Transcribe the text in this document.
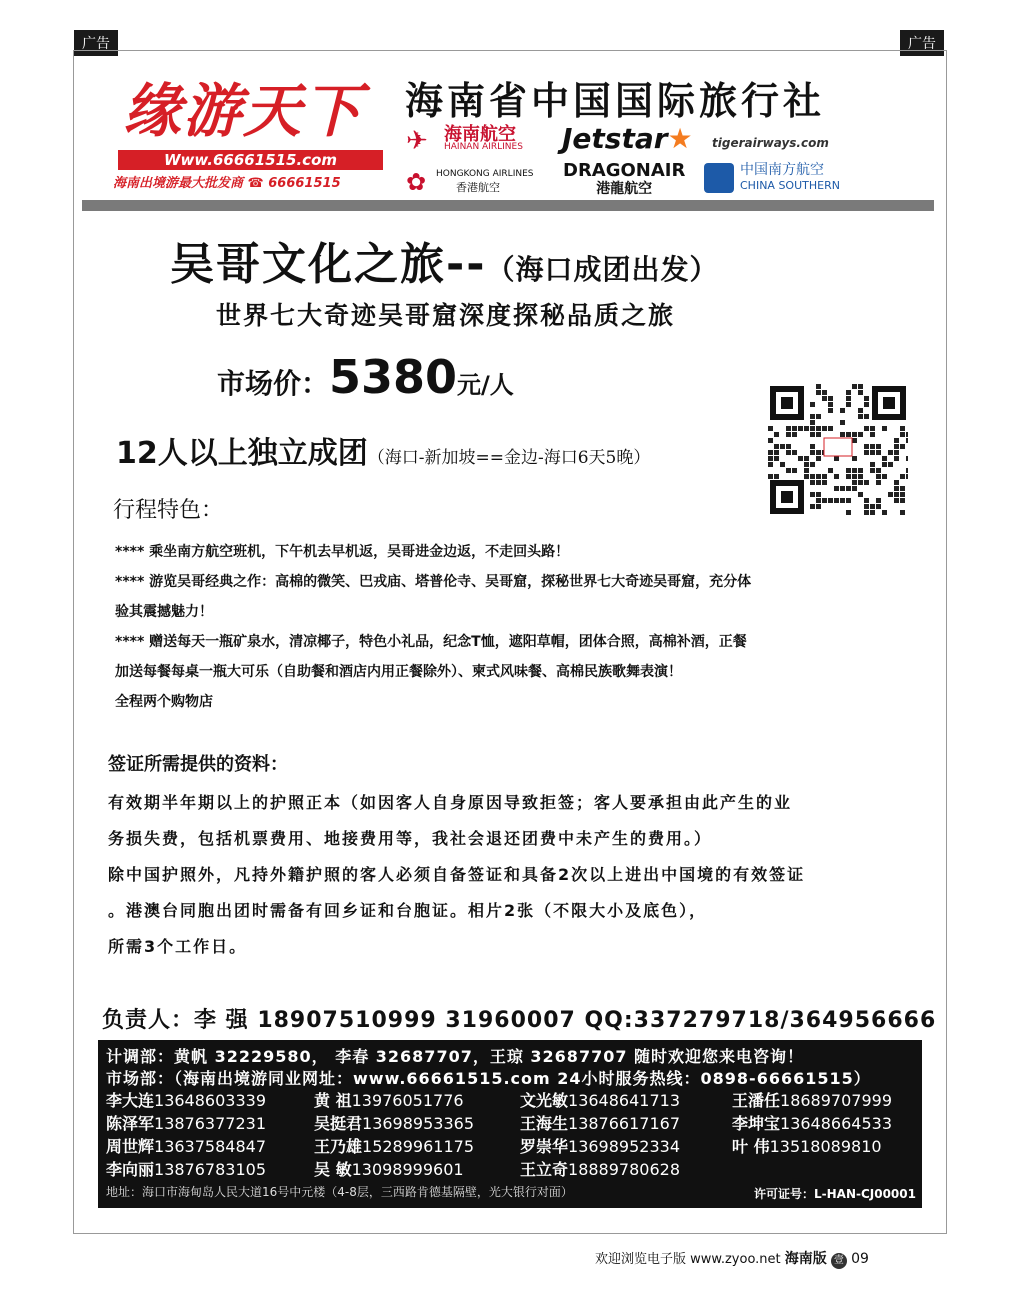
广告	广告
缘游天下
Www.66661515.com
海南出境游最大批发商 ☎ 66661515
海南省中国国际旅行社
✈ 海南航空
HAINAN AIRLINES Jetstar★ tigerairways.com
✿	HONGKONG AIRLINES
香港航空
DRAGONAIR
港龍航空
中国南方航空
CHINA SOUTHERN
吴哥文化之旅--（海口成团出发）
世界七大奇迹吴哥窟深度探秘品质之旅
市场价：5380元/人
12人以上独立成团（海口-新加坡==金边-海口6天5晚）
行程特色：
**** 乘坐南方航空班机，下午机去早机返，吴哥进金边返，不走回头路！
**** 游览吴哥经典之作：高棉的微笑、巴戎庙、塔普伦寺、吴哥窟，探秘世界七大奇迹吴哥窟，充分体
验其震撼魅力！
**** 赠送每天一瓶矿泉水，清凉椰子，特色小礼品，纪念T恤，遮阳草帽，团体合照，高棉补酒，正餐
加送每餐每桌一瓶大可乐（自助餐和酒店内用正餐除外）、柬式风味餐、高棉民族歌舞表演！
全程两个购物店
签证所需提供的资料：
有效期半年期以上的护照正本（如因客人自身原因导致拒签；客人要承担由此产生的业
务损失费，包括机票费用、地接费用等，我社会退还团费中未产生的费用。）
除中国护照外，凡持外籍护照的客人必须自备签证和具备2次以上进出中国境的有效签证
。港澳台同胞出团时需备有回乡证和台胞证。相片2张（不限大小及底色），
所需3个工作日。
负责人：李 强 18907510999 31960007 QQ:337279718/364956666
计调部：黄帆 32229580， 李春 32687707，王琼 32687707 随时欢迎您来电咨询！
市场部：（海南出境游同业网址：www.66661515.com 24小时服务热线：0898-66661515）
李大连13648603339	黄 祖13976051776	文光敏13648641713	王潘任18689707999
陈泽军13876377231	吴挺君13698953365	王海生13876617167	李坤宝13648664533
周世辉13637584847	王乃雄15289961175	罗崇华13698952334	叶 伟13518089810
李向丽13876783105	吴 敏13098999601	王立奇18889780628
地址：海口市海甸岛人民大道16号中元楼（4-8层，三西路肯德基隔壁，光大银行对面）	许可证号：L-HAN-CJ00001
欢迎浏览电子版 www.zyoo.net 海南版 壹 09
